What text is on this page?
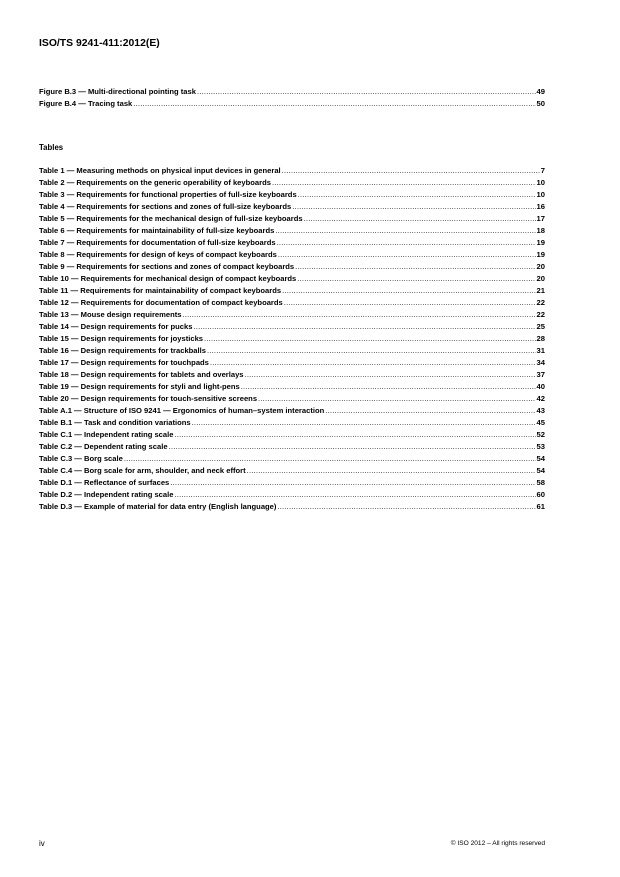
ISO/TS 9241-411:2012(E)
Figure B.3 — Multi-directional pointing task .....	49
Figure B.4 — Tracing task .....	50
Tables
Table 1 — Measuring methods on physical input devices in general .....	7
Table 2 — Requirements on the generic operability of keyboards .....	10
Table 3 — Requirements for functional properties of full-size keyboards .....	10
Table 4 — Requirements for sections and zones of full-size keyboards .....	16
Table 5 — Requirements for the mechanical design of full-size keyboards .....	17
Table 6 — Requirements for maintainability of full-size keyboards .....	18
Table 7 — Requirements for documentation of full-size keyboards .....	19
Table 8 — Requirements for design of keys of compact keyboards .....	19
Table 9 — Requirements for sections and zones of compact keyboards .....	20
Table 10 — Requirements for mechanical design of compact keyboards .....	20
Table 11 — Requirements for maintainability of compact keyboards .....	21
Table 12 — Requirements for documentation of compact keyboards .....	22
Table 13 — Mouse design requirements .....	22
Table 14 — Design requirements for pucks .....	25
Table 15 — Design requirements for joysticks .....	28
Table 16 — Design requirements for trackballs .....	31
Table 17 — Design requirements for touchpads .....	34
Table 18 — Design requirements for tablets and overlays .....	37
Table 19 — Design requirements for styli and light-pens .....	40
Table 20 — Design requirements for touch-sensitive screens .....	42
Table A.1 — Structure of ISO 9241 — Ergonomics of human–system interaction .....	43
Table B.1 — Task and condition variations .....	45
Table C.1 — Independent rating scale .....	52
Table C.2 — Dependent rating scale .....	53
Table C.3 — Borg scale .....	54
Table C.4 — Borg scale for arm, shoulder, and neck effort .....	54
Table D.1 — Reflectance of surfaces .....	58
Table D.2 — Independent rating scale .....	60
Table D.3 — Example of material for data entry (English language) .....	61
iv	© ISO 2012 – All rights reserved
